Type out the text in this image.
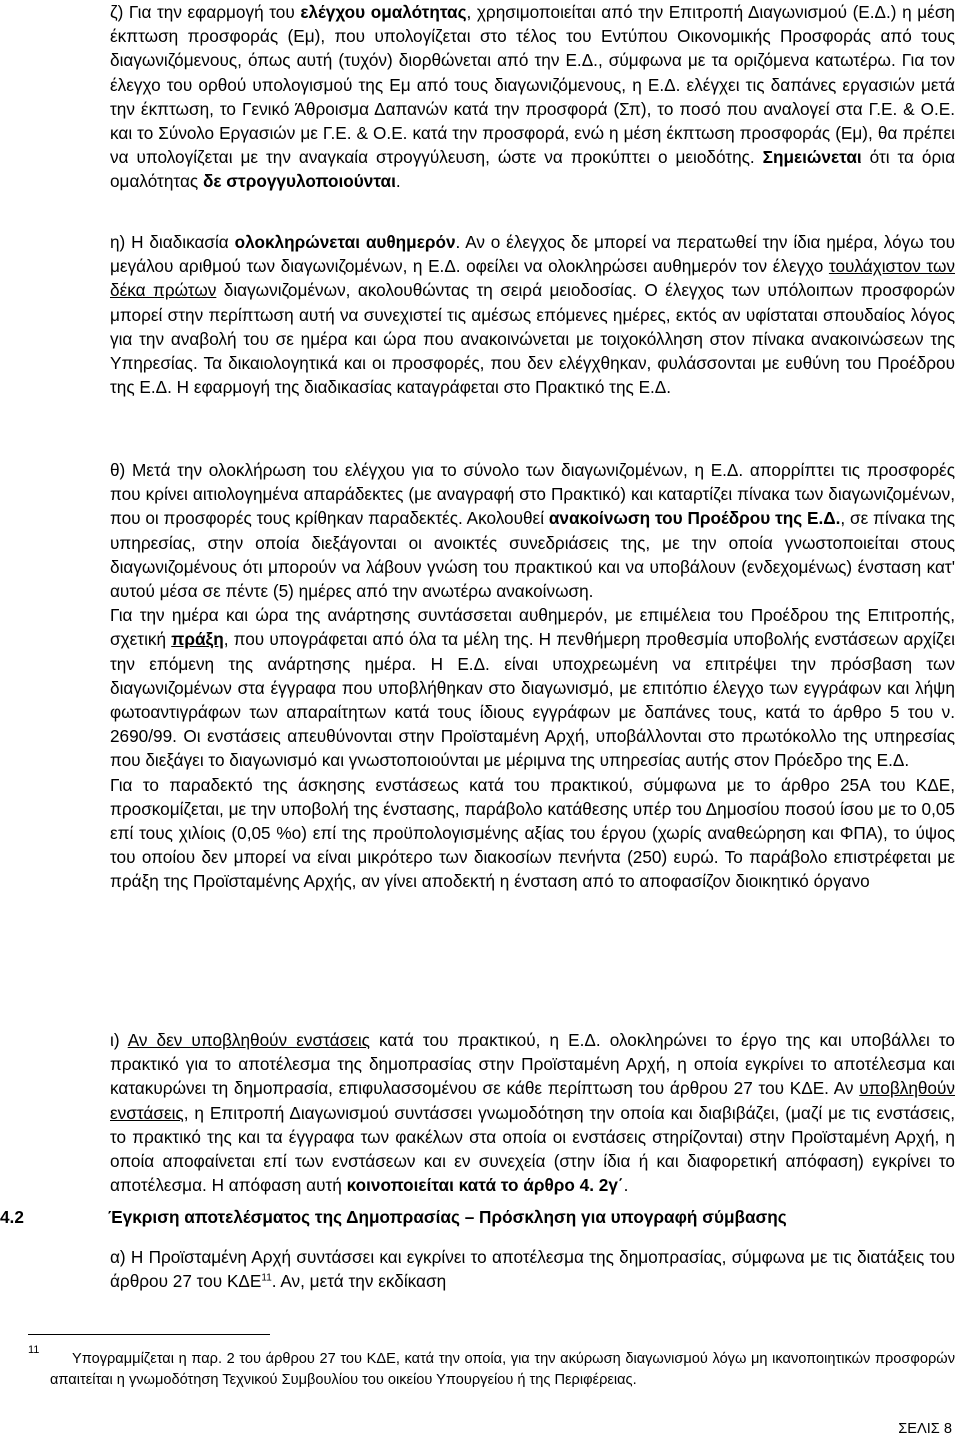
ζ) Για την εφαρμογή του ελέγχου ομαλότητας, χρησιμοποιείται από την Επιτροπή Διαγωνισμού (Ε.Δ.) η μέση έκπτωση προσφοράς (Εμ), που υπολογίζεται στο τέλος του Εντύπου Οικονομικής Προσφοράς από τους διαγωνιζόμενους, όπως αυτή (τυχόν) διορθώνεται από την Ε.Δ., σύμφωνα με τα οριζόμενα κατωτέρω. Για τον έλεγχο του ορθού υπολογισμού της Εμ από τους διαγωνιζόμενους, η Ε.Δ. ελέγχει τις δαπάνες εργασιών μετά την έκπτωση, το Γενικό Άθροισμα Δαπανών κατά την προσφορά (Σπ), το ποσό που αναλογεί στα Γ.Ε. & Ο.Ε. και το Σύνολο Εργασιών με Γ.Ε. & Ο.Ε. κατά την προσφορά, ενώ η μέση έκπτωση προσφοράς (Εμ), θα πρέπει να υπολογίζεται με την αναγκαία στρογγύλευση, ώστε να προκύπτει ο μειοδότης. Σημειώνεται ότι τα όρια ομαλότητας δε στρογγυλοποιούνται.

η) Η διαδικασία ολοκληρώνεται αυθημερόν. Αν ο έλεγχος δε μπορεί να περατωθεί την ίδια ημέρα, λόγω του μεγάλου αριθμού των διαγωνιζομένων, η Ε.Δ. οφείλει να ολοκληρώσει αυθημερόν τον έλεγχο τουλάχιστον των δέκα πρώτων διαγωνιζομένων, ακολουθώντας τη σειρά μειοδοσίας. Ο έλεγχος των υπόλοιπων προσφορών μπορεί στην περίπτωση αυτή να συνεχιστεί τις αμέσως επόμενες ημέρες, εκτός αν υφίσταται σπουδαίος λόγος για την αναβολή του σε ημέρα και ώρα που ανακοινώνεται με τοιχοκόλληση στον πίνακα ανακοινώσεων της Υπηρεσίας. Τα δικαιολογητικά και οι προσφορές, που δεν ελέγχθηκαν, φυλάσσονται με ευθύνη του Προέδρου της Ε.Δ. Η εφαρμογή της διαδικασίας καταγράφεται στο Πρακτικό της Ε.Δ.

θ) Μετά την ολοκλήρωση του ελέγχου για το σύνολο των διαγωνιζομένων, η Ε.Δ. απορρίπτει τις προσφορές που κρίνει αιτιολογημένα απαράδεκτες (με αναγραφή στο Πρακτικό) και καταρτίζει πίνακα των διαγωνιζομένων, που οι προσφορές τους κρίθηκαν παραδεκτές. Ακολουθεί ανακοίνωση του Προέδρου της Ε.Δ., σε πίνακα της υπηρεσίας, στην οποία διεξάγονται οι ανοικτές συνεδριάσεις της, με την οποία γνωστοποιείται στους διαγωνιζομένους ότι μπορούν να λάβουν γνώση του πρακτικού και να υποβάλουν (ενδεχομένως) ένσταση κατ' αυτού μέσα σε πέντε (5) ημέρες από την ανωτέρω ανακοίνωση.

Για την ημέρα και ώρα της ανάρτησης συντάσσεται αυθημερόν, με επιμέλεια του Προέδρου της Επιτροπής, σχετική πράξη, που υπογράφεται από όλα τα μέλη της. Η πενθήμερη προθεσμία υποβολής ενστάσεων αρχίζει την επόμενη της ανάρτησης ημέρα. Η Ε.Δ. είναι υποχρεωμένη να επιτρέψει την πρόσβαση των διαγωνιζομένων στα έγγραφα που υποβλήθηκαν στο διαγωνισμό, με επιτόπιο έλεγχο των εγγράφων και λήψη φωτοαντιγράφων των απαραίτητων κατά τους ίδιους εγγράφων με δαπάνες τους, κατά το άρθρο 5 του ν. 2690/99. Οι ενστάσεις απευθύνονται στην Προϊσταμένη Αρχή, υποβάλλονται στο πρωτόκολλο της υπηρεσίας που διεξάγει το διαγωνισμό και γνωστοποιούνται με μέριμνα της υπηρεσίας αυτής στον Πρόεδρο της Ε.Δ.

Για το παραδεκτό της άσκησης ενστάσεως κατά του πρακτικού, σύμφωνα με το άρθρο 25Α του ΚΔΕ, προσκομίζεται, με την υποβολή της ένστασης, παράβολο κατάθεσης υπέρ του Δημοσίου ποσού ίσου με το 0,05 επί τους χιλίοις (0,05 %ο) επί της προϋπολογισμένης αξίας του έργου (χωρίς αναθεώρηση και ΦΠΑ), το ύψος του οποίου δεν μπορεί να είναι μικρότερο των διακοσίων πενήντα (250) ευρώ. Το παράβολο επιστρέφεται με πράξη της Προϊσταμένης Αρχής, αν γίνει αποδεκτή η ένσταση από το αποφασίζον διοικητικό όργανο

ι) Αν δεν υποβληθούν ενστάσεις κατά του πρακτικού, η Ε.Δ. ολοκληρώνει το έργο της και υποβάλλει το πρακτικό για το αποτέλεσμα της δημοπρασίας στην Προϊσταμένη Αρχή, η οποία εγκρίνει το αποτέλεσμα και κατακυρώνει τη δημοπρασία, επιφυλασσομένου σε κάθε περίπτωση του άρθρου 27 του ΚΔΕ. Αν υποβληθούν ενστάσεις, η Επιτροπή Διαγωνισμού συντάσσει γνωμοδότηση την οποία και διαβιβάζει, (μαζί με τις ενστάσεις, το πρακτικό της και τα έγγραφα των φακέλων στα οποία οι ενστάσεις στηρίζονται) στην Προϊσταμένη Αρχή, η οποία αποφαίνεται επί των ενστάσεων και εν συνεχεία (στην ίδια ή και διαφορετική απόφαση) εγκρίνει το αποτέλεσμα. Η απόφαση αυτή κοινοποιείται κατά το άρθρο 4. 2γ΄.

4.2	Έγκριση αποτελέσματος της Δημοπρασίας – Πρόσκληση για υπογραφή σύμβασης

α) Η Προϊσταμένη Αρχή συντάσσει και εγκρίνει το αποτέλεσμα της δημοπρασίας, σύμφωνα με τις διατάξεις του άρθρου 27 του ΚΔΕ$^{11}$. Αν, μετά την εκδίκαση

11
Υπογραμμίζεται η παρ. 2 του άρθρου 27 του ΚΔΕ, κατά την οποία, για την ακύρωση διαγωνισμού λόγω μη ικανοποιητικών προσφορών απαιτείται η γνωμοδότηση Τεχνικού Συμβουλίου του οικείου Υπουργείου ή της Περιφέρειας.
ΣΕΛΙΣ 8
